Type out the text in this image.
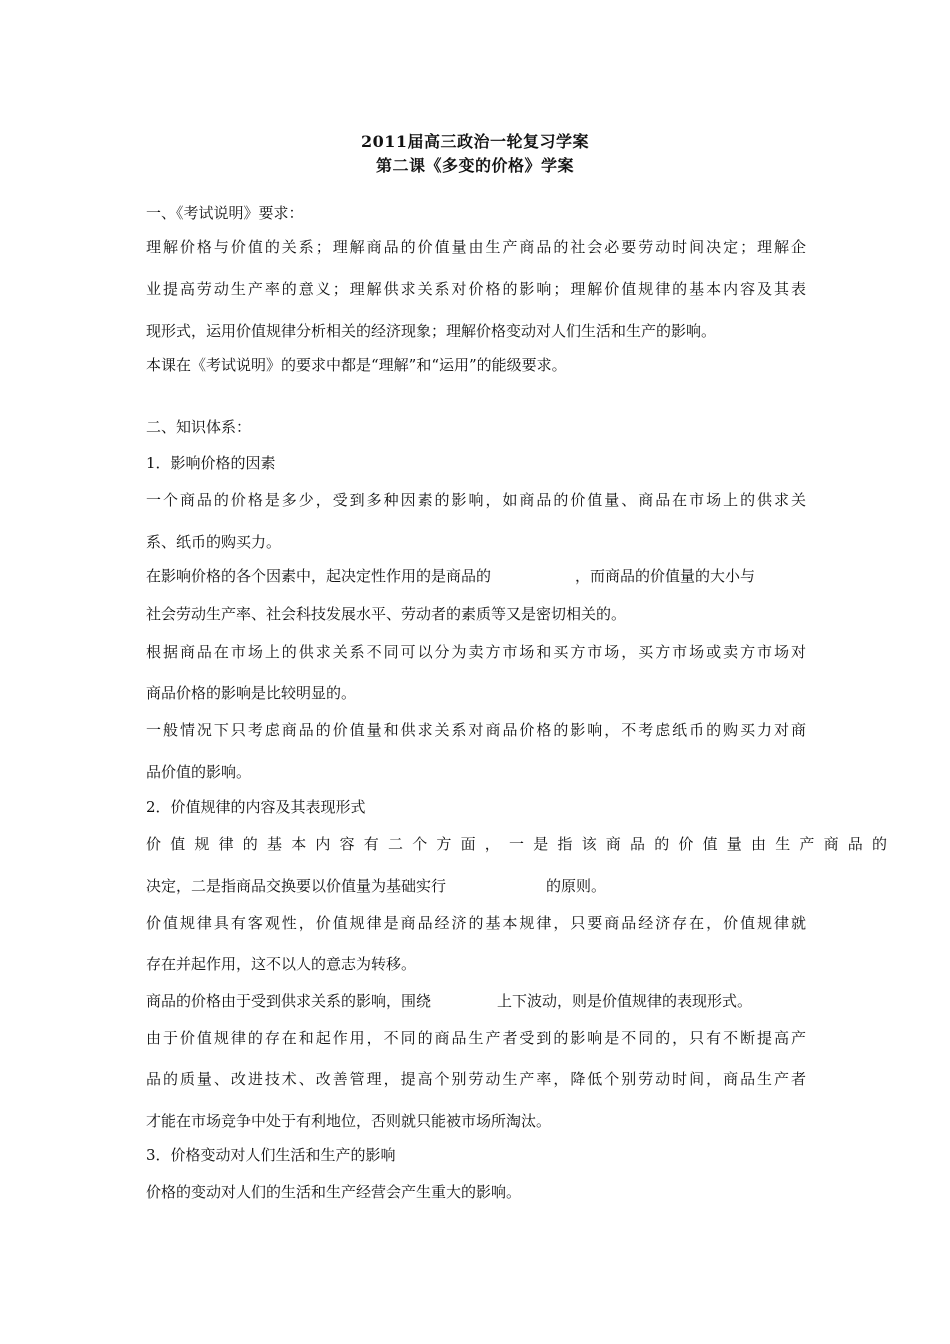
2011届高三政治一轮复习学案
第二课《多变的价格》学案
一、《考试说明》要求：
理解价格与价值的关系；理解商品的价值量由生产商品的社会必要劳动时间决定；理解企
业提高劳动生产率的意义；理解供求关系对价格的影响；理解价值规律的基本内容及其表
现形式，运用价值规律分析相关的经济现象；理解价格变动对人们生活和生产的影响。
本课在《考试说明》的要求中都是“理解”和“运用”的能级要求。
二、知识体系：
1．影响价格的因素
一个商品的价格是多少，受到多种因素的影响，如商品的价值量、商品在市场上的供求关
系、纸币的购买力。
在影响价格的各个因素中，起决定性作用的是商品的	，而商品的价值量的大小与
社会劳动生产率、社会科技发展水平、劳动者的素质等又是密切相关的。
根据商品在市场上的供求关系不同可以分为卖方市场和买方市场，买方市场或卖方市场对
商品价格的影响是比较明显的。
一般情况下只考虑商品的价值量和供求关系对商品价格的影响，不考虑纸币的购买力对商
品价值的影响。
2．价值规律的内容及其表现形式
价值规律的基本内容有二个方面，一是指该商品的价值量由生产商品的
决定，二是指商品交换要以价值量为基础实行	的原则。
价值规律具有客观性，价值规律是商品经济的基本规律，只要商品经济存在，价值规律就
存在并起作用，这不以人的意志为转移。
商品的价格由于受到供求关系的影响，围绕	上下波动，则是价值规律的表现形式。
由于价值规律的存在和起作用，不同的商品生产者受到的影响是不同的，只有不断提高产
品的质量、改进技术、改善管理，提高个别劳动生产率，降低个别劳动时间，商品生产者
才能在市场竞争中处于有利地位，否则就只能被市场所淘汰。
3．价格变动对人们生活和生产的影响
价格的变动对人们的生活和生产经营会产生重大的影响。
